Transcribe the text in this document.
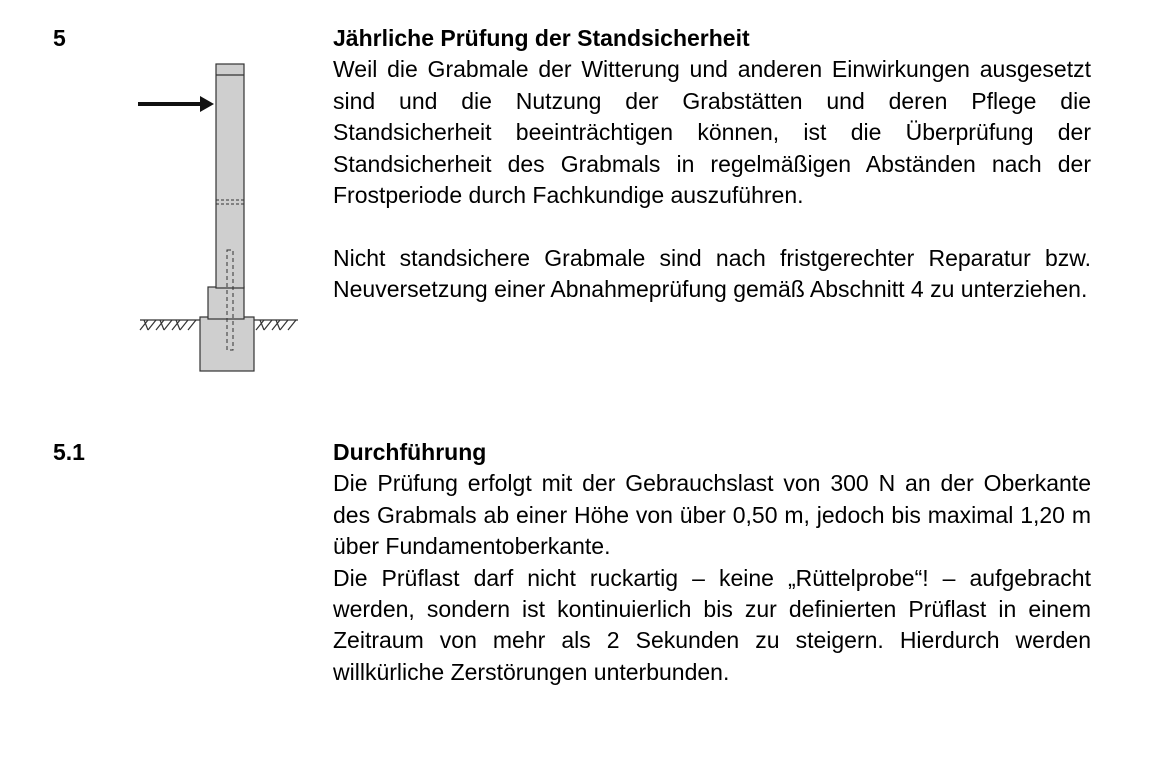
5	Jährliche Prüfung der Standsicherheit

Weil die Grabmale der Witterung und anderen Einwirkungen ausgesetzt sind und die Nutzung der Grabstätten und deren Pflege die Standsicherheit beeinträchtigen können, ist die Überprüfung der Standsicherheit des Grabmals in regelmäßigen Abständen nach der Frostperiode durch Fachkundige auszuführen.

Nicht standsichere Grabmale sind nach fristgerechter Reparatur bzw. Neuversetzung einer Abnahmeprüfung gemäß Abschnitt 4 zu unterziehen.

5.1	Durchführung

Die Prüfung erfolgt mit der Gebrauchslast von 300 N an der Oberkante des Grabmals ab einer Höhe von über 0,50 m, jedoch bis maximal 1,20 m über Fundamentoberkante.

Die Prüflast darf nicht ruckartig – keine „Rüttelprobe“! – aufgebracht werden, sondern ist kontinuierlich bis zur definierten Prüflast in einem Zeitraum von mehr als 2 Sekunden zu steigern. Hierdurch werden willkürliche Zerstörungen unterbunden.
